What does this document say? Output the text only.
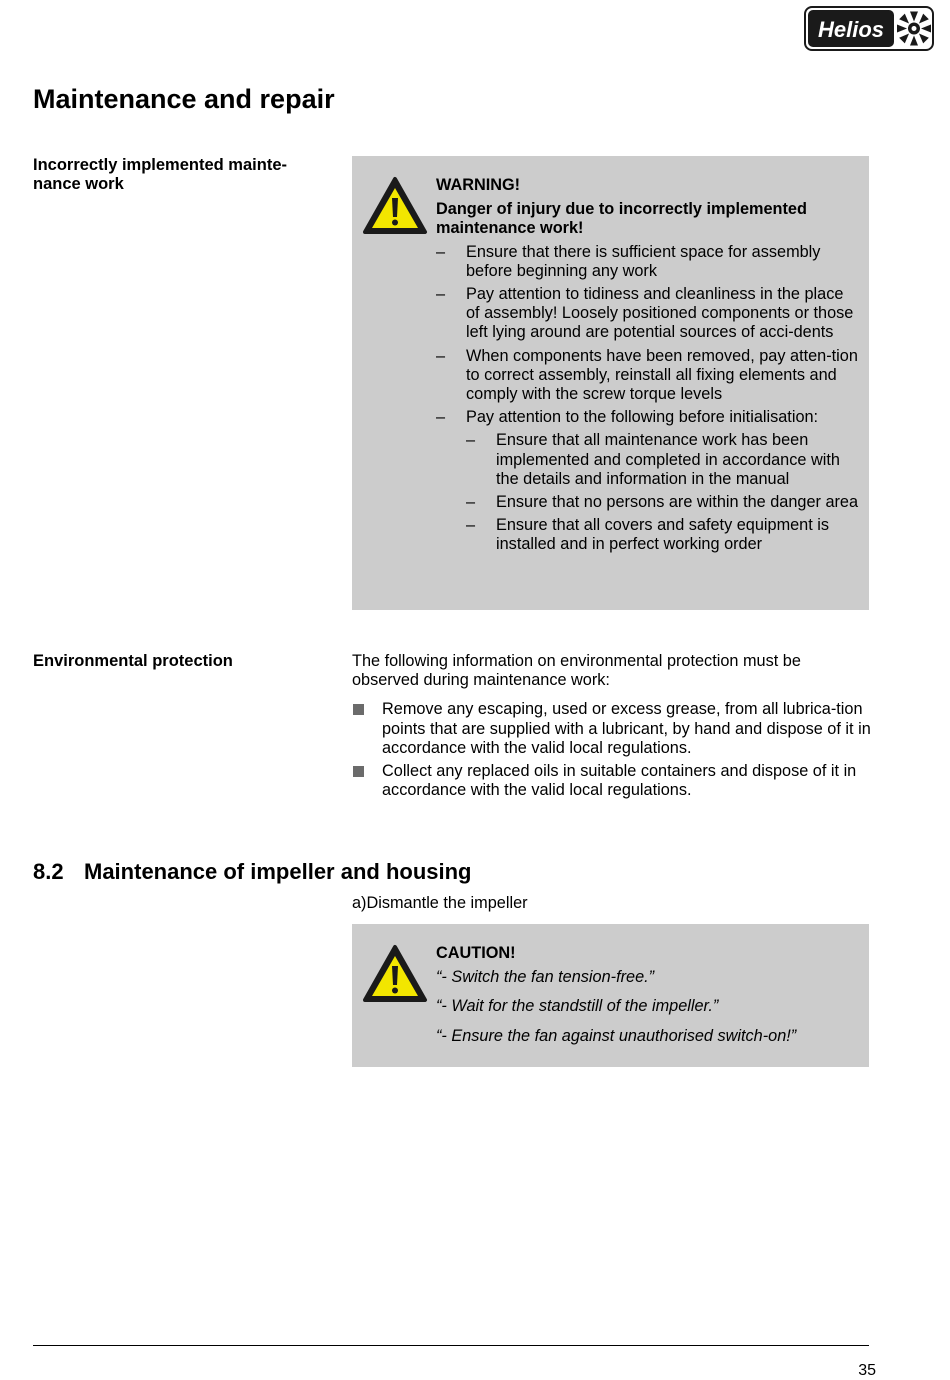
Helios
Maintenance and repair
Incorrectly implemented mainte-
nance work	WARNING!

Danger of injury due to incorrectly implemented maintenance work!

– Ensure that there is sufficient space for assembly before beginning any work
– Pay attention to tidiness and cleanliness in the place of assembly! Loosely positioned components or those left lying around are potential sources of acci-dents
– When components have been removed, pay atten-tion to correct assembly, reinstall all fixing elements and comply with the screw torque levels
– Pay attention to the following before initialisation:
– Ensure that all maintenance work has been implemented and completed in accordance with the details and information in the manual
– Ensure that no persons are within the danger area
– Ensure that all covers and safety equipment is installed and in perfect working order
Environmental protection	The following information on environmental protection must be observed during maintenance work:

Remove any escaping, used or excess grease, from all lubrica-tion points that are supplied with a lubricant, by hand and dispose of it in accordance with the valid local regulations.
Collect any replaced oils in suitable containers and dispose of it in accordance with the valid local regulations.
8.2 Maintenance of impeller and housing
a)Dismantle the impeller

CAUTION!

“- Switch the fan tension-free.”

“- Wait for the standstill of the impeller.”

“- Ensure the fan against unauthorised switch-on!”

35
